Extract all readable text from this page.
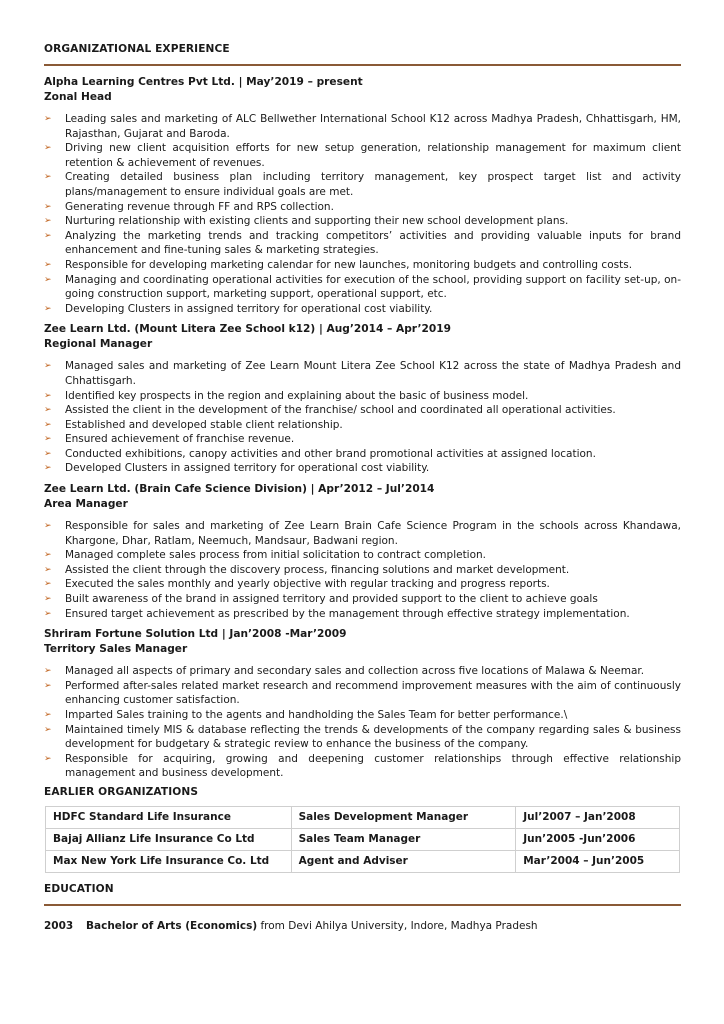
ORGANIZATIONAL EXPERIENCE
Alpha Learning Centres Pvt Ltd. | May’2019 – present
Zonal Head
➢ Leading sales and marketing of ALC Bellwether International School K12 across Madhya Pradesh, Chhattisgarh, HM, Rajasthan, Gujarat and Baroda.
➢ Driving new client acquisition efforts for new setup generation, relationship management for maximum client retention & achievement of revenues.
➢ Creating detailed business plan including territory management, key prospect target list and activity plans/management to ensure individual goals are met.
➢ Generating revenue through FF and RPS collection.
➢ Nurturing relationship with existing clients and supporting their new school development plans.
➢ Analyzing the marketing trends and tracking competitors’ activities and providing valuable inputs for brand enhancement and fine-tuning sales & marketing strategies.
➢ Responsible for developing marketing calendar for new launches, monitoring budgets and controlling costs.
➢ Managing and coordinating operational activities for execution of the school, providing support on facility set-up, on-going construction support, marketing support, operational support, etc.
➢ Developing Clusters in assigned territory for operational cost viability.
Zee Learn Ltd. (Mount Litera Zee School k12) | Aug’2014 – Apr’2019
Regional Manager
➢ Managed sales and marketing of Zee Learn Mount Litera Zee School K12 across the state of Madhya Pradesh and Chhattisgarh.
➢ Identified key prospects in the region and explaining about the basic of business model.
➢ Assisted the client in the development of the franchise/ school and coordinated all operational activities.
➢ Established and developed stable client relationship.
➢ Ensured achievement of franchise revenue.
➢ Conducted exhibitions, canopy activities and other brand promotional activities at assigned location.
➢ Developed Clusters in assigned territory for operational cost viability.
Zee Learn Ltd. (Brain Cafe Science Division) | Apr’2012 – Jul’2014
Area Manager
➢ Responsible for sales and marketing of Zee Learn Brain Cafe Science Program in the schools across Khandawa, Khargone, Dhar, Ratlam, Neemuch, Mandsaur, Badwani region.
➢ Managed complete sales process from initial solicitation to contract completion.
➢ Assisted the client through the discovery process, financing solutions and market development.
➢ Executed the sales monthly and yearly objective with regular tracking and progress reports.
➢ Built awareness of the brand in assigned territory and provided support to the client to achieve goals
➢ Ensured target achievement as prescribed by the management through effective strategy implementation.
Shriram Fortune Solution Ltd | Jan’2008 -Mar’2009
Territory Sales Manager
➢ Managed all aspects of primary and secondary sales and collection across five locations of Malawa & Neemar.
➢ Performed after-sales related market research and recommend improvement measures with the aim of continuously enhancing customer satisfaction.
➢ Imparted Sales training to the agents and handholding the Sales Team for better performance.\
➢ Maintained timely MIS & database reflecting the trends & developments of the company regarding sales & business development for budgetary & strategic review to enhance the business of the company.
➢ Responsible for acquiring, growing and deepening customer relationships through effective relationship management and business development.
EARLIER ORGANIZATIONS
HDFC Standard Life Insurance	Sales Development Manager	Jul’2007 – Jan’2008
Bajaj Allianz Life Insurance Co Ltd	Sales Team Manager	Jun’2005 -Jun’2006
Max New York Life Insurance Co. Ltd	Agent and Adviser	Mar’2004 – Jun’2005
EDUCATION
2003 Bachelor of Arts (Economics) from Devi Ahilya University, Indore, Madhya Pradesh
